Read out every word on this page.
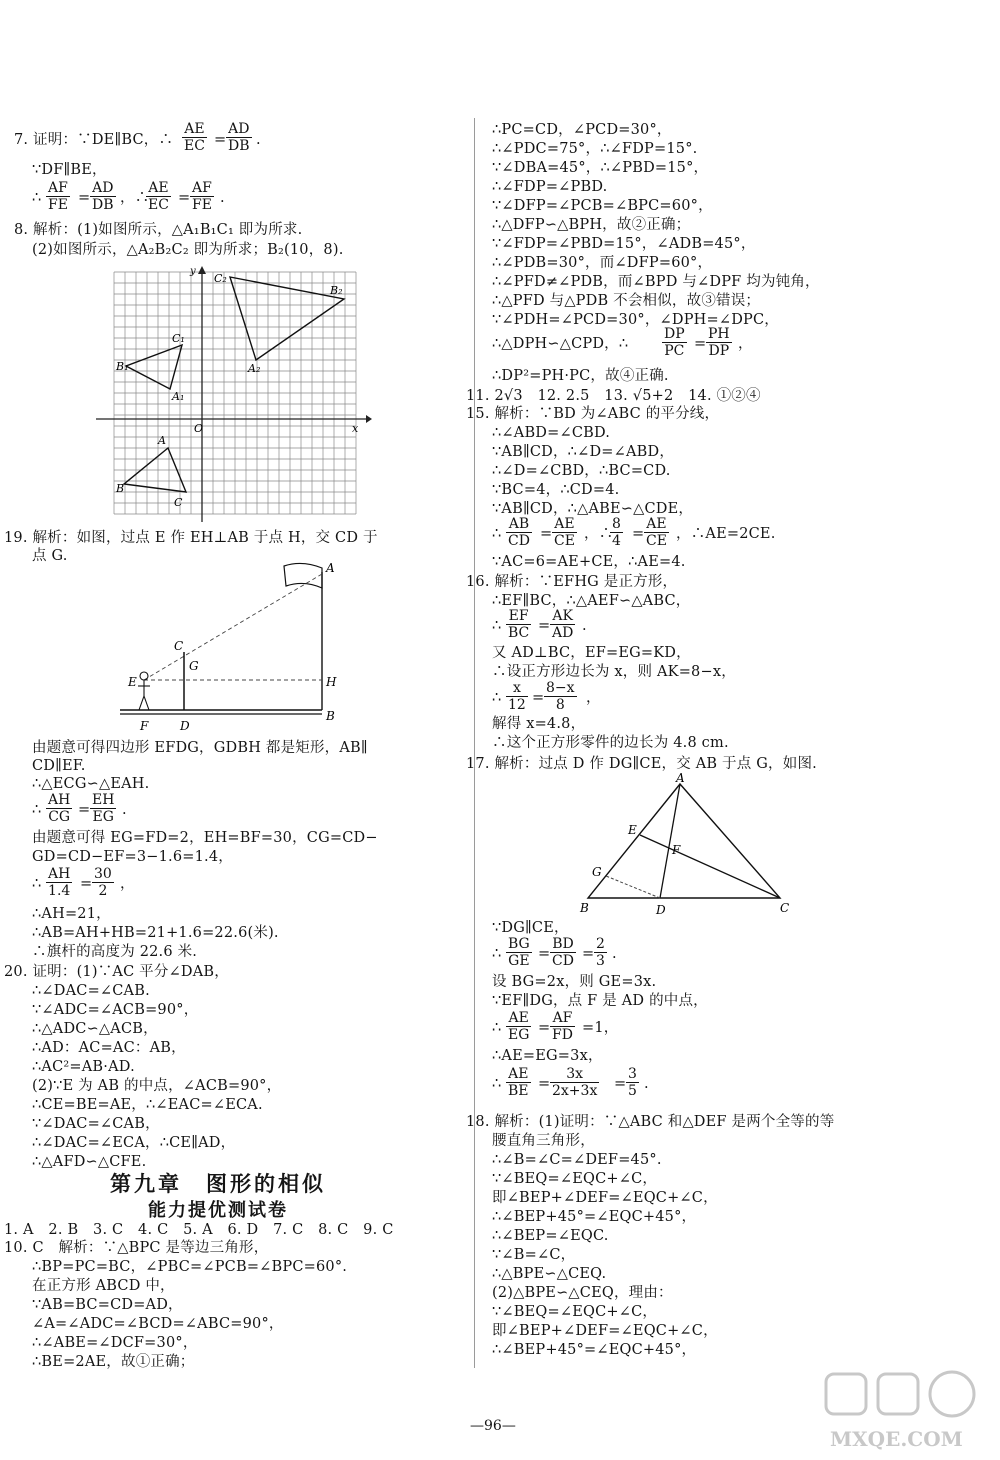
7. 证明：∵DE∥BC，∴ $\frac{AE}{EC} = \frac{AD}{DB}$ .
∵DF∥BE，
∴ $\frac{AF}{FE} = \frac{AD}{DB}$ ，∴
$\frac{AE}{EC} = \frac{AF}{FE}$ .
8. 解析：(1)如图所示，△A₁B₁C₁ 即为所求.
(2)如图所示，△A₂B₂C₂ 即为所求；B₂(10，8).
y
x
O
C₂
B₂
A₂
C₁
B₁
A₁
A
B
C
19. 解析：如图，过点 E 作 EH⊥AB 于点 H，交 CD 于
点 G.
A
C
G
E	H
F	D
B
由题意可得四边形 EFDG，GDBH 都是矩形，AB∥
CD∥EF.
∴△ECG∽△EAH.
∴ $\frac{AH}{CG} = \frac{EH}{EG}$ .
由题意可得 EG=FD=2，EH=BF=30，CG=CD−
GD=CD−EF=3−1.6=1.4，
∴ $\frac{AH}{1.4} = \frac{30}{2}$ ，
∴AH=21，
∴AB=AH+HB=21+1.6=22.6(米).
∴旗杆的高度为 22.6 米.
20. 证明：(1)∵AC 平分∠DAB，
∴∠DAC=∠CAB.
∵∠ADC=∠ACB=90°，
∴△ADC∽△ACB，
∴AD：AC=AC：AB，
∴AC²=AB·AD.
(2)∵E 为 AB 的中点，∠ACB=90°，
∴CE=BE=AE，∴∠EAC=∠ECA.
∵∠DAC=∠CAB，
∴∠DAC=∠ECA，∴CE∥AD，
∴△AFD∽△CFE.
第九章　图形的相似
能力提优测试卷
1. A　2. B　3. C　4. C　5. A　6. D　7. C　8. C　9. C
10. C　解析：∵△BPC 是等边三角形，
∴BP=PC=BC，∠PBC=∠PCB=∠BPC=60°.
在正方形 ABCD 中，
∵AB=BC=CD=AD，
∠A=∠ADC=∠BCD=∠ABC=90°，
∴∠ABE=∠DCF=30°，
∴BE=2AE，故①正确；
∴PC=CD，∠PCD=30°，
∴∠PDC=75°，∴∠FDP=15°.
∵∠DBA=45°，∴∠PBD=15°，
∴∠FDP=∠PBD.
∵∠DFP=∠PCB=∠BPC=60°，
∴△DFP∽△BPH，故②正确；
∵∠FDP=∠PBD=15°，∠ADB=45°，
∴∠PDB=30°，而∠DFP=60°，
∴∠PFD≠∠PDB，而∠BPD 与∠DPF 均为钝角，
∴△PFD 与△PDB 不会相似，故③错误；
∵∠PDH=∠PCD=30°，∠DPH=∠DPC，
∴△DPH∽△CPD，∴ $\frac{DP}{PC} = \frac{PH}{DP}$ ，
∴DP²=PH·PC，故④正确.
11. 2√3　12. 2.5　13. √5+2　14. ①②④
15. 解析：∵BD 为∠ABC 的平分线，
∴∠ABD=∠CBD.
∵AB∥CD，∴∠D=∠ABD，
∴∠D=∠CBD，∴BC=CD.
∵BC=4，∴CD=4.
∵AB∥CD，∴△ABE∽△CDE，
∴ $\frac{AB}{CD} = \frac{AE}{CE}$ ，∴
$\frac{8}{4} = \frac{AE}{CE}$ ，∴AE=2CE.
∵AC=6=AE+CE，∴AE=4.
16. 解析：∵EFHG 是正方形，
∴EF∥BC，∴△AEF∽△ABC，
∴ $\frac{EF}{BC} = \frac{AK}{AD}$ .
又 AD⊥BC，EF=EG=KD，
∴设正方形边长为 x，则 AK=8−x，
∴ $\frac{x}{12} = \frac{8-x}{8}$ ，
解得 x=4.8，
∴这个正方形零件的边长为 4.8 cm.
17. 解析：过点 D 作 DG∥CE，交 AB 于点 G，如图.
A
E
F
G
B	D	C
∵DG∥CE，
∴ $\frac{BG}{GE} = \frac{BD}{CD} = \frac{2}{3}$ .
设 BG=2x，则 GE=3x.
∵EF∥DG，点 F 是 AD 的中点，
∴ $\frac{AE}{EG} = \frac{AF}{FD} =1$，
∴AE=EG=3x，
∴ $\frac{AE}{BE} = \frac{3x}{2x+3x} = \frac{3}{5}$ .
18. 解析：(1)证明：∵△ABC 和△DEF 是两个全等的等
腰直角三角形，
∴∠B=∠C=∠DEF=45°.
∵∠BEQ=∠EQC+∠C，
即∠BEP+∠DEF=∠EQC+∠C，
∴∠BEP+45°=∠EQC+45°，
∴∠BEP=∠EQC.
∵∠B=∠C，
∴△BPE∽△CEQ.
(2)△BPE∽△CEQ，理由：
∵∠BEQ=∠EQC+∠C，
即∠BEP+∠DEF=∠EQC+∠C，
∴∠BEP+45°=∠EQC+45°，
—96—
MXQE.COM
